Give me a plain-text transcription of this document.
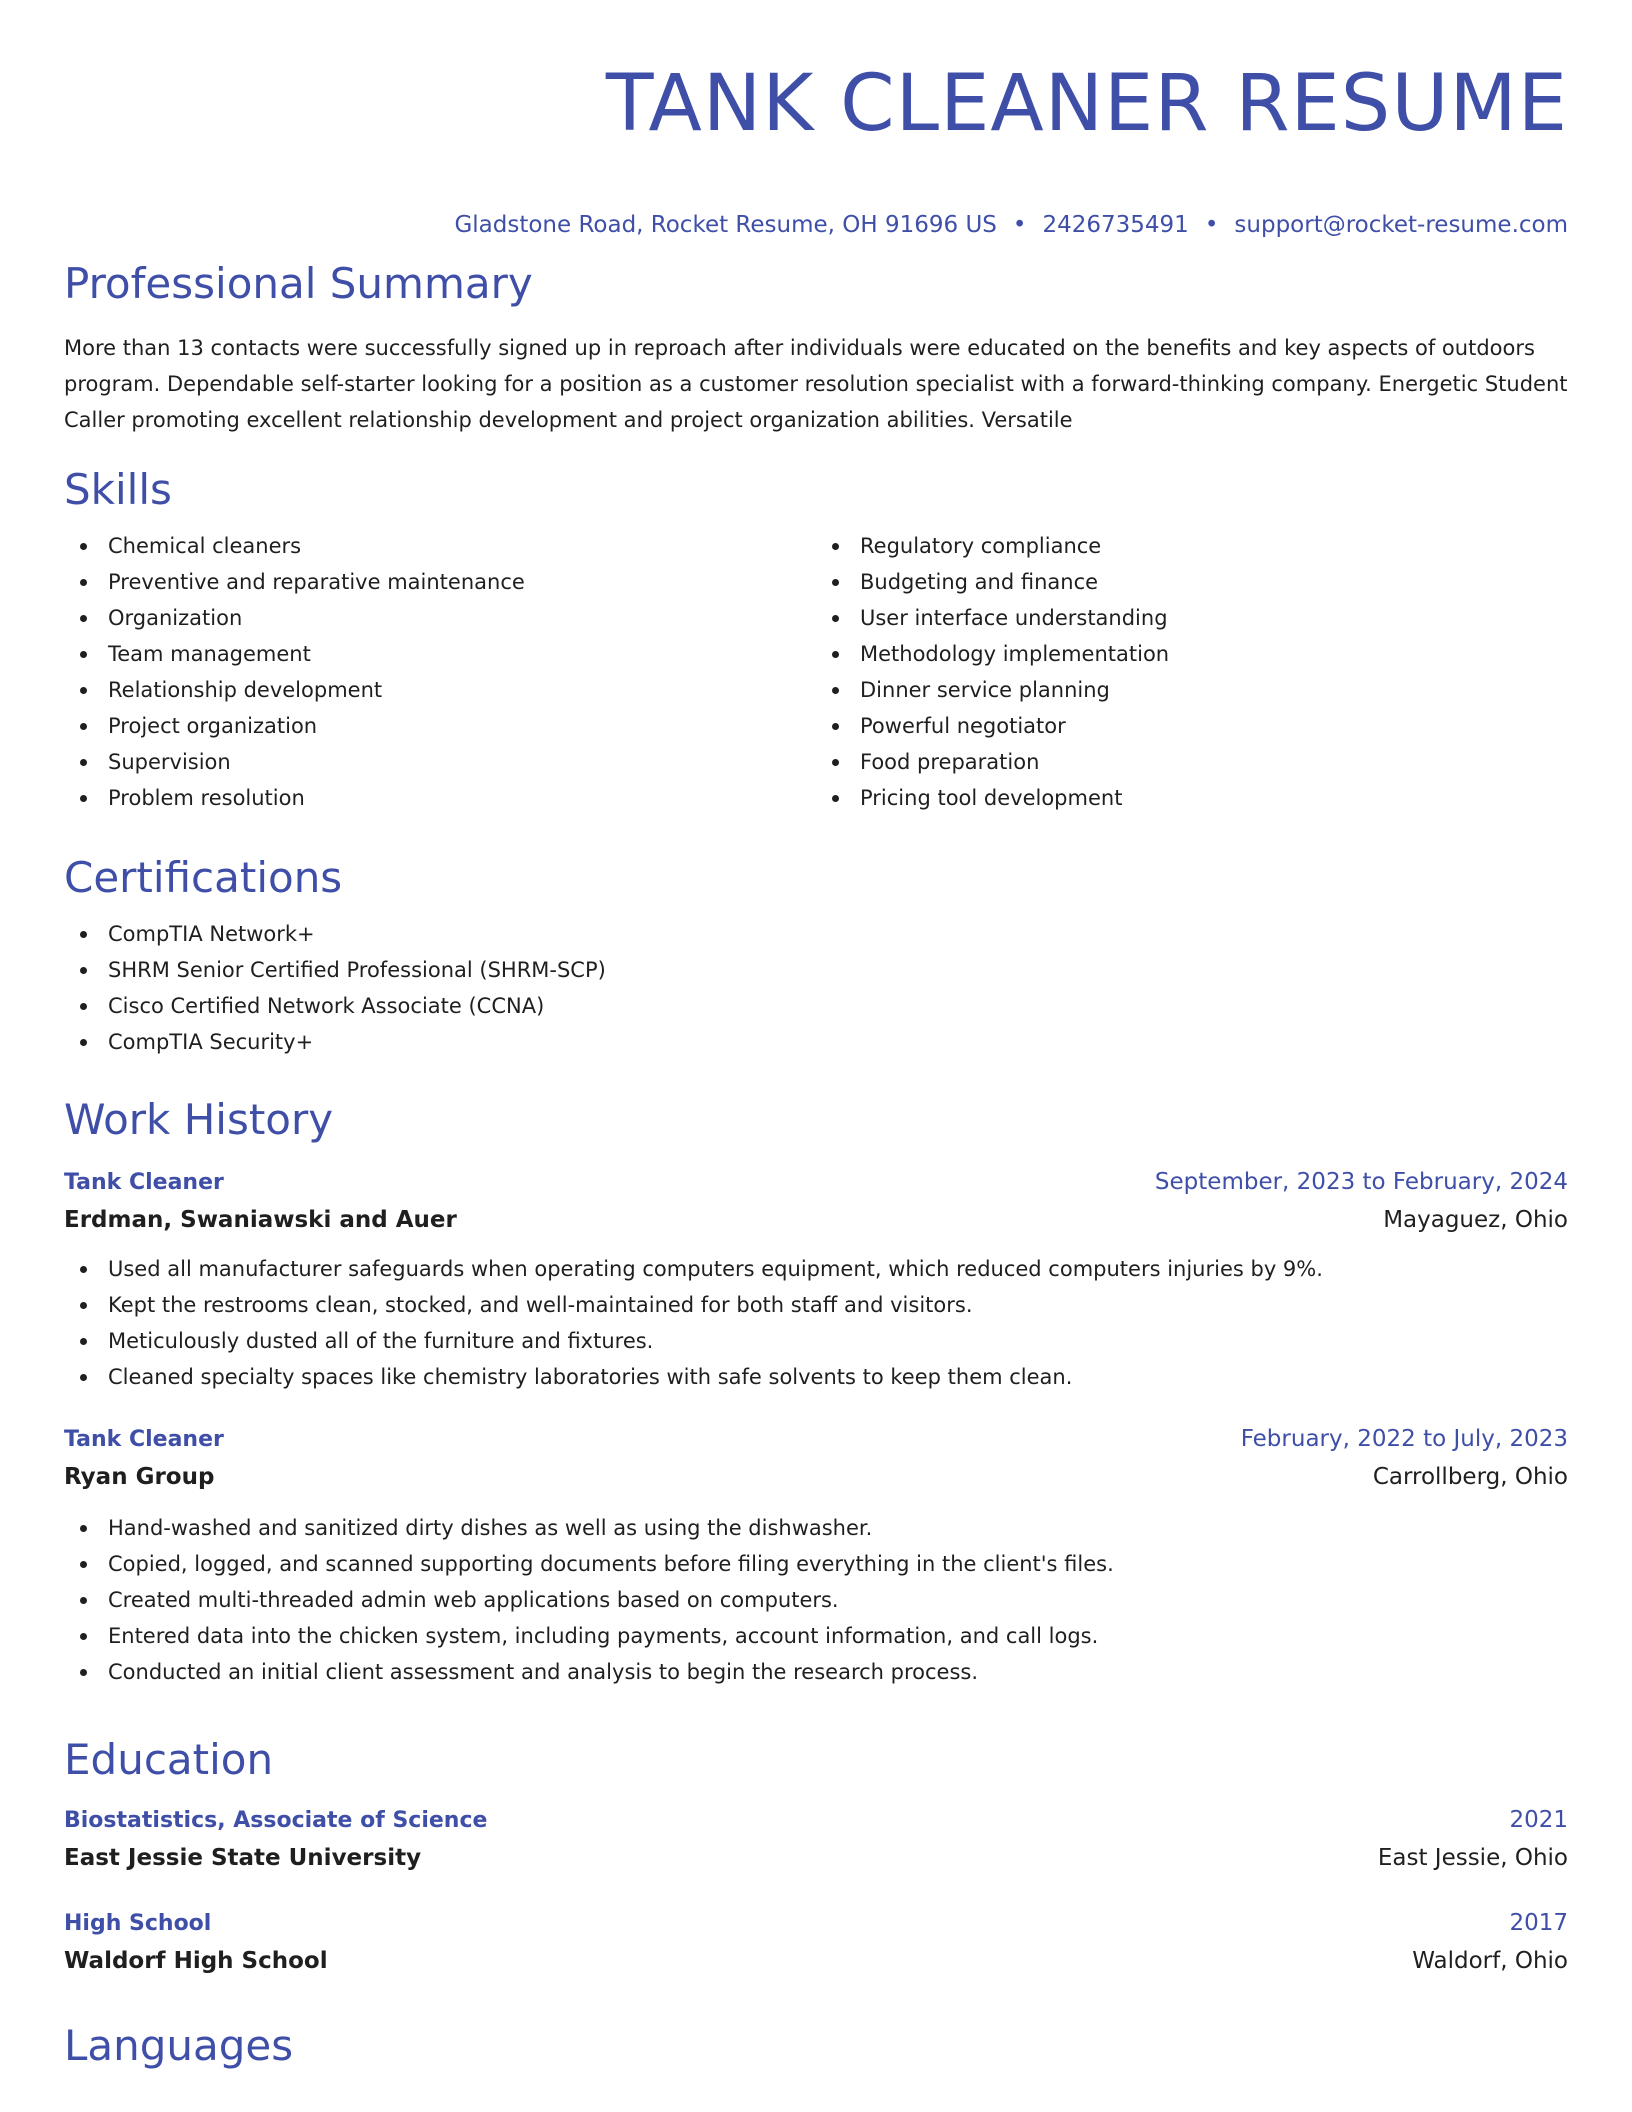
TANK CLEANER RESUME
Gladstone Road, Rocket Resume, OH 91696 US • 2426735491 • support@rocket-resume.com
Professional Summary

More than 13 contacts were successfully signed up in reproach after individuals were educated on the benefits and key aspects of outdoors program. Dependable self-starter looking for a position as a customer resolution specialist with a forward-thinking company. Energetic Student Caller promoting excellent relationship development and project organization abilities. Versatile

Skills
Chemical cleaners
Preventive and reparative maintenance
Organization
Team management
Relationship development
Project organization
Supervision
Problem resolution
Regulatory compliance
Budgeting and finance
User interface understanding
Methodology implementation
Dinner service planning
Powerful negotiator
Food preparation
Pricing tool development
Certifications
CompTIA Network+
SHRM Senior Certified Professional (SHRM-SCP)
Cisco Certified Network Associate (CCNA)
CompTIA Security+
Work History
Tank Cleaner	September, 2023 to February, 2024
Erdman, Swaniawski and Auer	Mayaguez, Ohio
Used all manufacturer safeguards when operating computers equipment, which reduced computers injuries by 9%.
Kept the restrooms clean, stocked, and well-maintained for both staff and visitors.
Meticulously dusted all of the furniture and fixtures.
Cleaned specialty spaces like chemistry laboratories with safe solvents to keep them clean.
Tank Cleaner	February, 2022 to July, 2023
Ryan Group	Carrollberg, Ohio
Hand-washed and sanitized dirty dishes as well as using the dishwasher.
Copied, logged, and scanned supporting documents before filing everything in the client's files.
Created multi-threaded admin web applications based on computers.
Entered data into the chicken system, including payments, account information, and call logs.
Conducted an initial client assessment and analysis to begin the research process.
Education
Biostatistics, Associate of Science	2021
East Jessie State University	East Jessie, Ohio
High School	2017
Waldorf High School	Waldorf, Ohio
Languages
